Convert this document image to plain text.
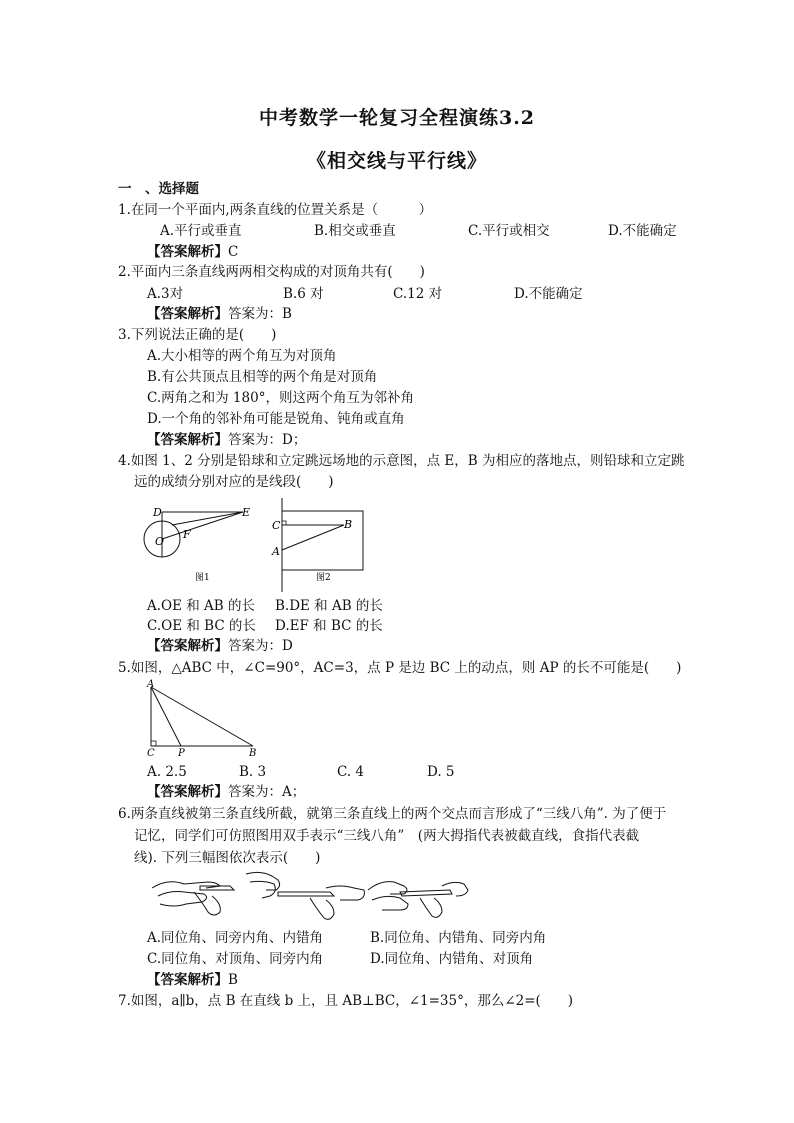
中考数学一轮复习全程演练3.2
《相交线与平行线》
一　、选择题
1.在同一个平面内,两条直线的位置关系是（　　　）
A.平行或垂直	B.相交或垂直	C.平行或相交	D.不能确定
【答案解析】C
2.平面内三条直线两两相交构成的对顶角共有(　　)
A.3对	B.6 对	C.12 对	D.不能确定
【答案解析】答案为：B
3.下列说法正确的是(　　)
A.大小相等的两个角互为对顶角
B.有公共顶点且相等的两个角是对顶角
C.两角之和为 180°，则这两个角互为邻补角
D.一个角的邻补角可能是锐角、钝角或直角
【答案解析】答案为：D；
4.如图 1、2 分别是铅球和立定跳远场地的示意图，点 E，B 为相应的落地点，则铅球和立定跳
远的成绩分别对应的是线段(　　)
D	E
O
F
图1
C	B
A
图2
A.OE 和 AB 的长 B.DE 和 AB 的长
C.OE 和 BC 的长 D.EF 和 BC 的长
【答案解析】答案为：D
5.如图，△ABC 中，∠C=90°，AC=3，点 P 是边 BC 上的动点，则 AP 的长不可能是(　　)
A
C P	B
A. 2.5	B. 3	C. 4	D. 5
【答案解析】答案为：A；
6.两条直线被第三条直线所截，就第三条直线上的两个交点而言形成了“三线八角”. 为了便于
记忆，同学们可仿照图用双手表示“三线八角”　(两大拇指代表被截直线，食指代表截
线). 下列三幅图依次表示(　　)
A.同位角、同旁内角、内错角	B.同位角、内错角、同旁内角
C.同位角、对顶角、同旁内角	D.同位角、内错角、对顶角
【答案解析】B
7.如图，a∥b，点 B 在直线 b 上，且 AB⊥BC，∠1=35°，那么∠2=(　　)
